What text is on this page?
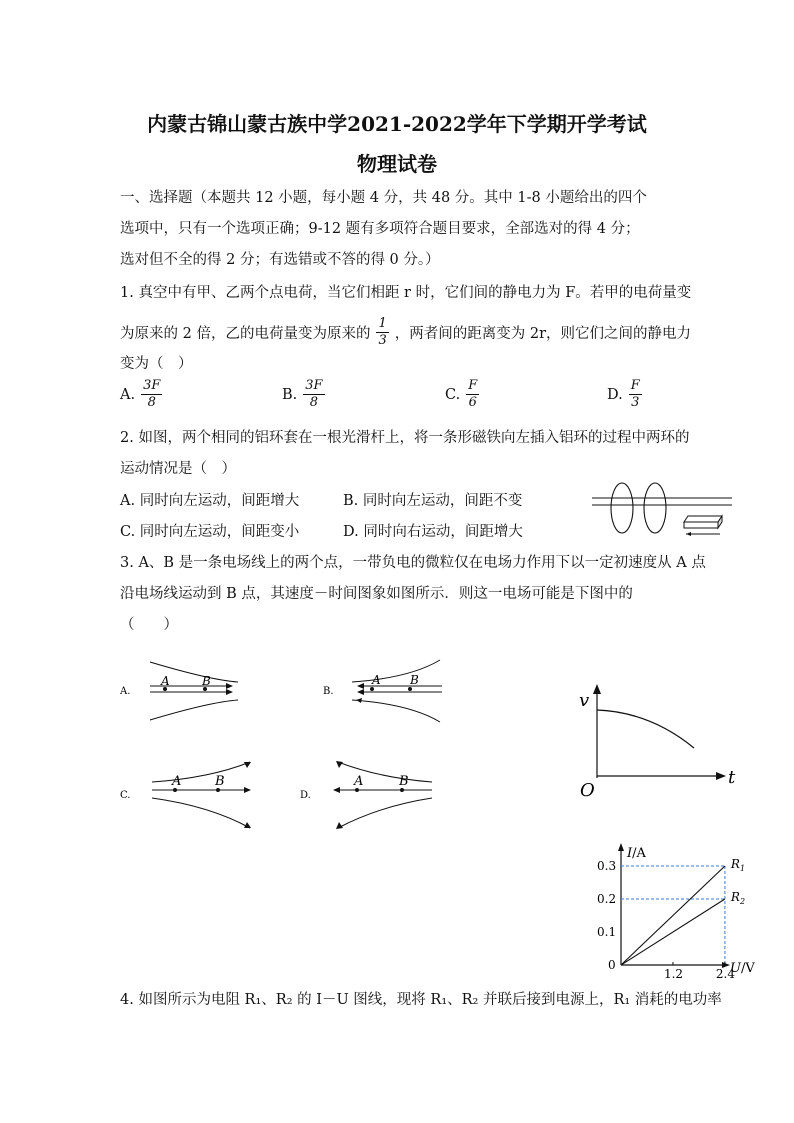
内蒙古锦山蒙古族中学2021-2022学年下学期开学考试
物理试卷
一、选择题（本题共 12 小题，每小题 4 分，共 48 分。其中 1-8 小题给出的四个
选项中，只有一个选项正确；9-12 题有多项符合题目要求，全部选对的得 4 分；
选对但不全的得 2 分；有选错或不答的得 0 分。）
1. 真空中有甲、乙两个点电荷，当它们相距 r 时，它们间的静电力为 F。若甲的电荷量变
为原来的 2 倍，乙的电荷量变为原来的 $\frac{1}{3}$ ，两者间的距离变为 2r，则它们之间的静电力
变为（　）
A. $\frac{3F}{8}$	B. $\frac{3F}{8}$	C. $\frac{F}{6}$	D. $\frac{F}{3}$
2. 如图，两个相同的铝环套在一根光滑杆上，将一条形磁铁向左插入铝环的过程中两环的
运动情况是（　）
A. 同时向左运动，间距增大	B. 同时向左运动，间距不变
C. 同时向左运动，间距变小	D. 同时向右运动，间距增大
3. A、B 是一条电场线上的两个点，一带负电的微粒仅在电场力作用下以一定初速度从 A 点
沿电场线运动到 B 点，其速度－时间图象如图所示．则这一电场可能是下图中的
（　　）
A.
A	B
B.
A B
C.
A	B
D.
A	B
v
t
O
0.3
0.2
0.1
0
1.2	2.4
I/A
U/V
$R_1$
$R_2$
4. 如图所示为电阻 R₁、R₂ 的 I－U 图线，现将 R₁、R₂ 并联后接到电源上，R₁ 消耗的电功率
